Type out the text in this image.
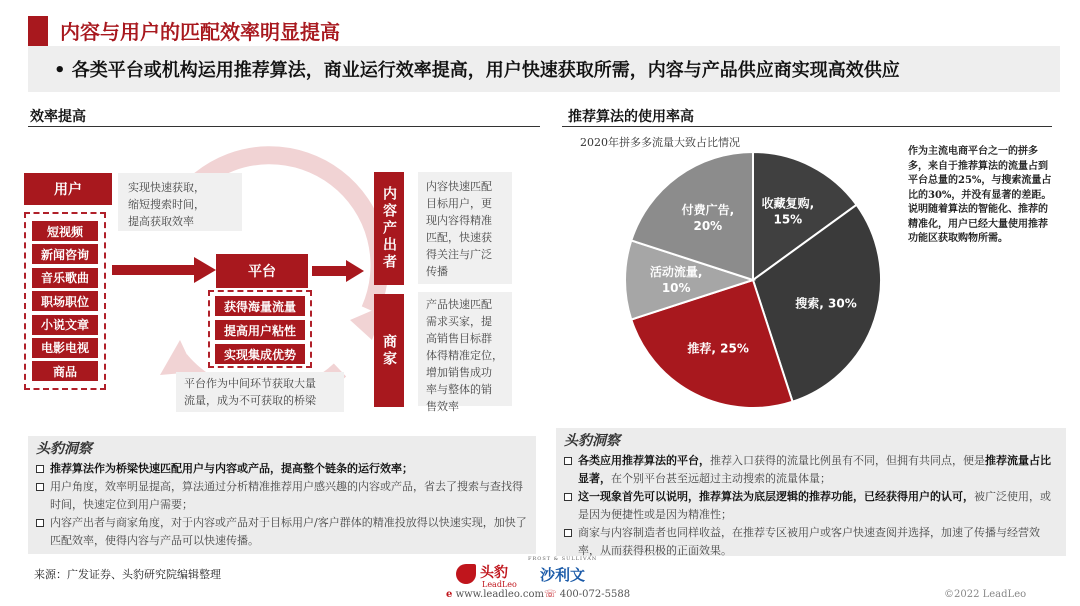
内容与用户的匹配效率明显提高
• 各类平台或机构运用推荐算法，商业运行效率提高，用户快速获取所需，内容与产品供应商实现高效供应
效率提高
用户	实现快速获取，
缩短搜索时间，
提高获取效率
短视频
新闻咨询
音乐歌曲
职场职位
小说文章
电影电视
商品
平台
获得海量流量
提高用户粘性
实现集成优势
平台作为中间环节获取大量
流量，成为不可获取的桥梁
内容产出者	内容快速匹配
目标用户，更
现内容得精准
匹配，快速获
得关注与广泛
传播
商家
产品快速匹配
需求买家，提
高销售目标群
体得精准定位，
增加销售成功
率与整体的销
售效率
推荐算法的使用率高
2020年拼多多流量大致占比情况
收藏复购,
15%
搜索, 30%
推荐, 25%
活动流量,
10%
付费广告,
20%
作为主流电商平台之一的拼多多，来自于推荐算法的流量占到平台总量的25%，与搜索流量占比的30%，并没有显著的差距。说明随着算法的智能化、推荐的精准化，用户已经大量使用推荐功能区获取购物所需。
头豹洞察
推荐算法作为桥梁快速匹配用户与内容或产品，提高整个链条的运行效率；
用户角度，效率明显提高，算法通过分析精准推荐用户感兴趣的内容或产品，省去了搜索与查找得时间，快速定位到用户需要；
内容产出者与商家角度，对于内容或产品对于目标用户/客户群体的精准投放得以快速实现，加快了匹配效率，使得内容与产品可以快速传播。
头豹洞察
各类应用推荐算法的平台，推荐入口获得的流量比例虽有不同，但拥有共同点，便是推荐流量占比显著，在个别平台甚至远超过主动搜索的流量体量；
这一现象首先可以说明，推荐算法为底层逻辑的推荐功能，已经获得用户的认可，被广泛使用，或是因为便捷性或是因为精准性；
商家与内容制造者也同样收益，在推荐专区被用户或客户快速查阅并选择，加速了传播与经营效率，从而获得积极的正面效果。
来源：广发证券、头豹研究院编辑整理	头豹
LeadLeo
FROST & SULLIVAN
沙利文
e www.leadleo.com ☏ 400-072-5588	©2022 LeadLeo
